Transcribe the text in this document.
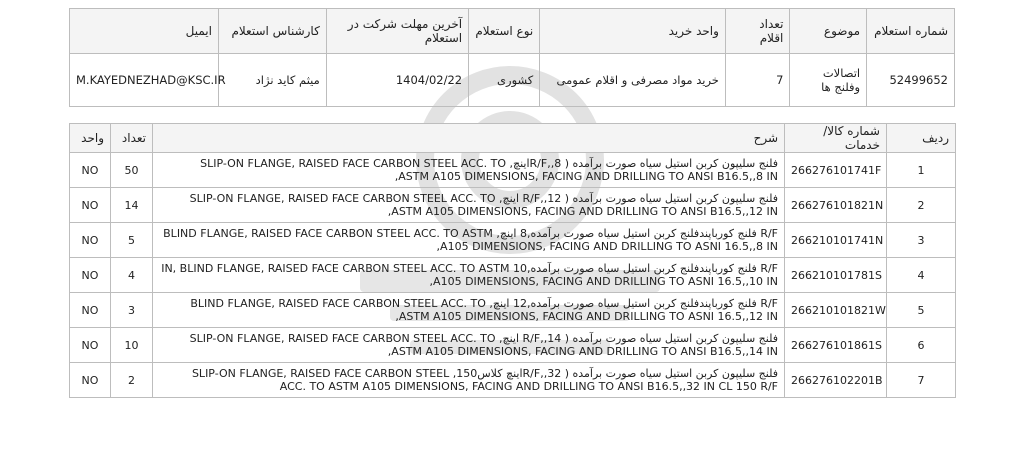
ایمیل	کارشناس استعلام	آخرین مهلت شرکت در استعلام	نوع استعلام	واحد خرید	تعداد اقلام	موضوع	شماره استعلام
M.KAYEDNEZHAD@KSC.IR	میثم کاید نژاد	1404/02/22	کشوری	خرید مواد مصرفی و اقلام عمومی	7	اتصالات وفلنج ها	52499652
واحد	تعداد	شرح	شماره کالا/خدمات	ردیف
NO	50	فلنج سلیپون کربن استیل سیاه صورت برآمده ( 8,,R/Fاینچ, SLIP-ON FLANGE, RAISED FACE CARBON STEEL ACC. TO
ASTM A105 DIMENSIONS, FACING AND DRILLING TO ANSI B16.5,,8 IN,	266276101741F	1
NO	14	فلنج سلیپون کربن استیل سیاه صورت برآمده ( 12,,R/F اینچ, SLIP-ON FLANGE, RAISED FACE CARBON STEEL ACC. TO
ASTM A105 DIMENSIONS, FACING AND DRILLING TO ANSI B16.5,,12 IN,	266276101821N	2
NO	5	R/F فلنج کورباپندفلنج کربن استیل سیاه صورت برآمده,8 اینچ, BLIND FLANGE, RAISED FACE CARBON STEEL ACC. TO ASTM
A105 DIMENSIONS, FACING AND DRILLING TO ASNI 16.5,,8 IN,	266210101741N	3
NO	4	R/F فلنج کورباپندفلنج کربن استیل سیاه صورت برآمده,10 IN, BLIND FLANGE, RAISED FACE CARBON STEEL ACC. TO ASTM
A105 DIMENSIONS, FACING AND DRILLING TO ASNI 16.5,,10 IN,	266210101781S	4
NO	3	R/F فلنج کورباپندفلنج کربن استیل سیاه صورت برآمده,12 اینچ, BLIND FLANGE, RAISED FACE CARBON STEEL ACC. TO
ASTM A105 DIMENSIONS, FACING AND DRILLING TO ASNI 16.5,,12 IN,	266210101821W	5
NO	10	فلنج سلیپون کربن استیل سیاه صورت برآمده ( 14,,R/F اینچ, SLIP-ON FLANGE, RAISED FACE CARBON STEEL ACC. TO
ASTM A105 DIMENSIONS, FACING AND DRILLING TO ANSI B16.5,,14 IN,	266276101861S	6
NO	2	فلنج سلیپون کربن استیل سیاه صورت برآمده ( 32,,R/Fاینچ کلاس150, SLIP-ON FLANGE, RAISED FACE CARBON STEEL
ACC. TO ASTM A105 DIMENSIONS, FACING AND DRILLING TO ANSI B16.5,,32 IN CL 150 R/F	266276102201B	7
